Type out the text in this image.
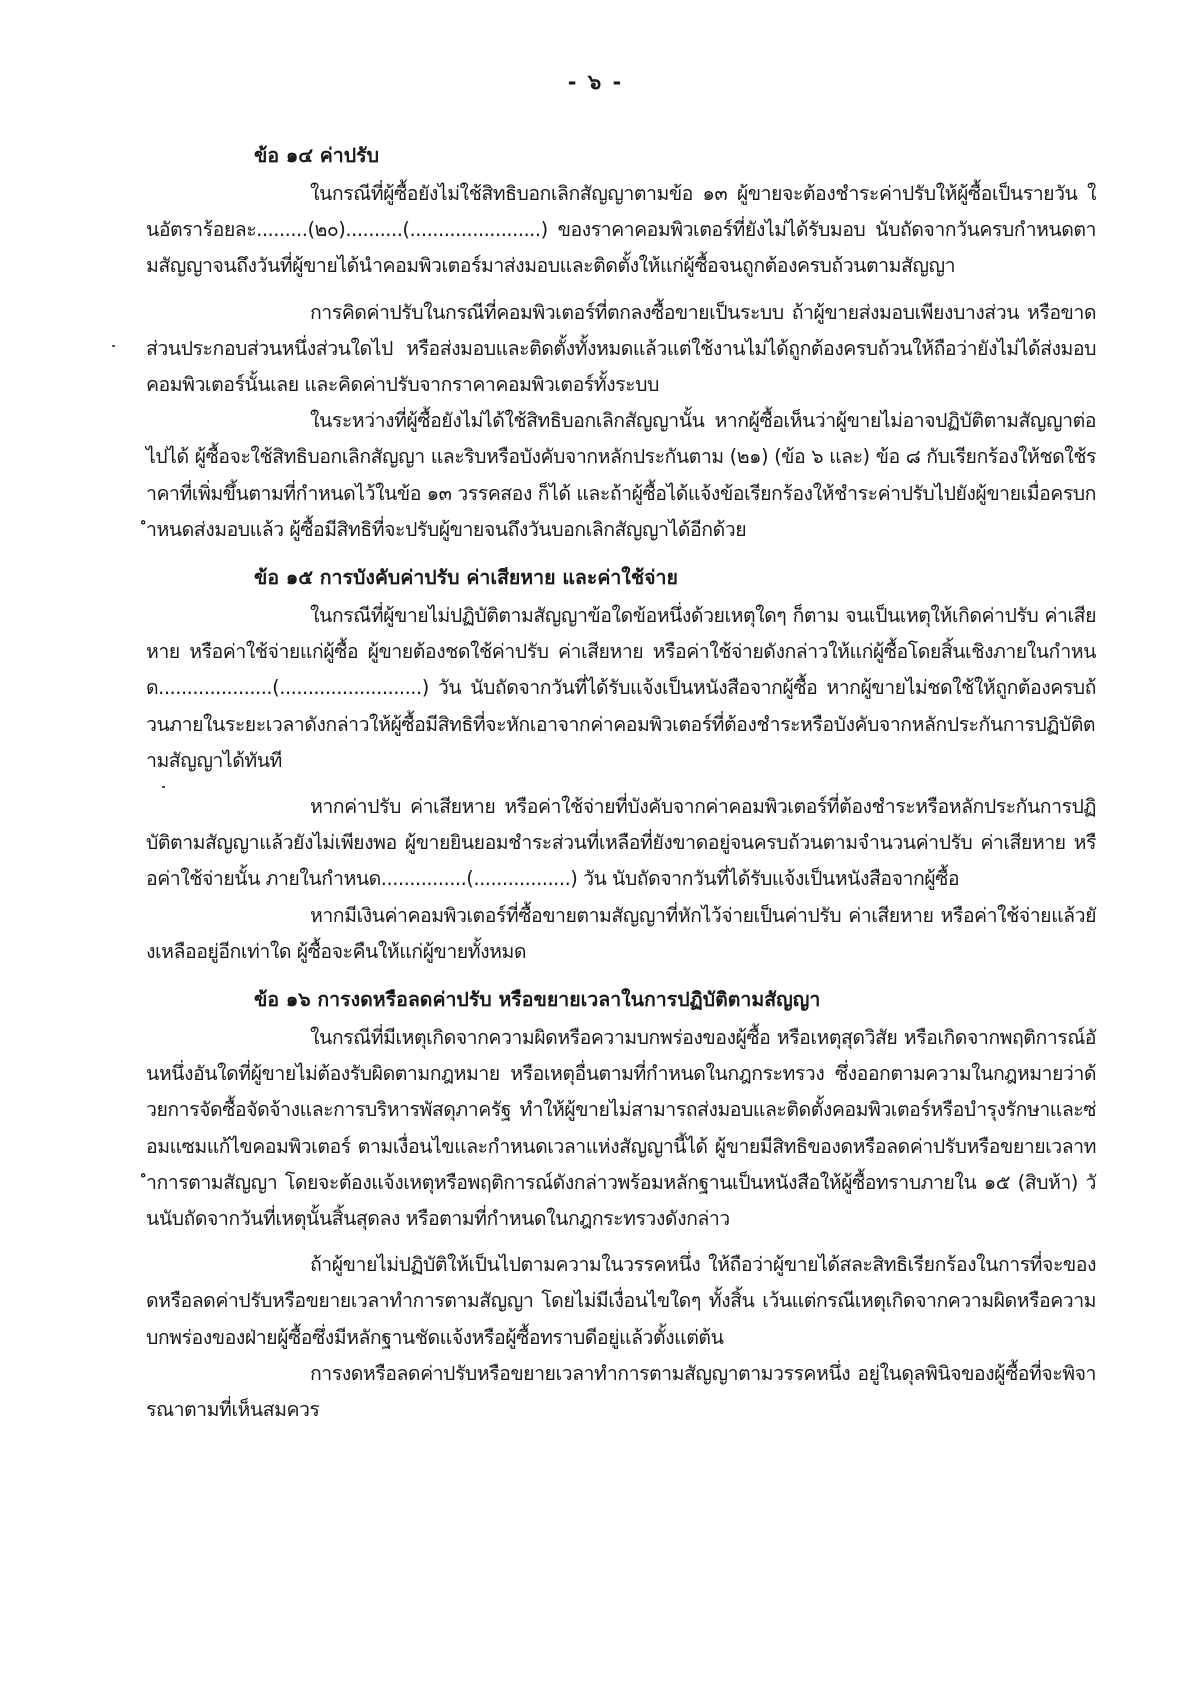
- ๖ -
ข้อ ๑๔ ค่าปรับ

ในกรณีที่ผู้ซื้อยังไม่ใช้สิทธิบอกเลิกสัญญาตามข้อ ๑๓ ผู้ขายจะต้องชำระค่าปรับให้ผู้ซื้อเป็นรายวัน ในอัตราร้อยละ.........(๒๐)..........(.......................) ของราคาคอมพิวเตอร์ที่ยังไม่ได้รับมอบ นับถัดจากวันครบกำหนดตามสัญญาจนถึงวันที่ผู้ขายได้นำคอมพิวเตอร์มาส่งมอบและติดตั้งให้แก่ผู้ซื้อจนถูกต้องครบถ้วนตามสัญญา

การคิดค่าปรับในกรณีที่คอมพิวเตอร์ที่ตกลงซื้อขายเป็นระบบ ถ้าผู้ขายส่งมอบเพียงบางส่วน หรือขาดส่วนประกอบส่วนหนึ่งส่วนใดไป หรือส่งมอบและติดตั้งทั้งหมดแล้วแต่ใช้งานไม่ได้ถูกต้องครบถ้วนให้ถือว่ายังไม่ได้ส่งมอบคอมพิวเตอร์นั้นเลย และคิดค่าปรับจากราคาคอมพิวเตอร์ทั้งระบบ

ในระหว่างที่ผู้ซื้อยังไม่ได้ใช้สิทธิบอกเลิกสัญญานั้น หากผู้ซื้อเห็นว่าผู้ขายไม่อาจปฏิบัติตามสัญญาต่อไปได้ ผู้ซื้อจะใช้สิทธิบอกเลิกสัญญา และริบหรือบังคับจากหลักประกันตาม (๒๑) (ข้อ ๖ และ) ข้อ ๘ กับเรียกร้องให้ชดใช้ราคาที่เพิ่มขึ้นตามที่กำหนดไว้ในข้อ ๑๓ วรรคสอง ก็ได้ และถ้าผู้ซื้อได้แจ้งข้อเรียกร้องให้ชำระค่าปรับไปยังผู้ขายเมื่อครบกำหนดส่งมอบแล้ว ผู้ซื้อมีสิทธิที่จะปรับผู้ขายจนถึงวันบอกเลิกสัญญาได้อีกด้วย

ข้อ ๑๕ การบังคับค่าปรับ ค่าเสียหาย และค่าใช้จ่าย

ในกรณีที่ผู้ขายไม่ปฏิบัติตามสัญญาข้อใดข้อหนึ่งด้วยเหตุใดๆ ก็ตาม จนเป็นเหตุให้เกิดค่าปรับ ค่าเสียหาย หรือค่าใช้จ่ายแก่ผู้ซื้อ ผู้ขายต้องชดใช้ค่าปรับ ค่าเสียหาย หรือค่าใช้จ่ายดังกล่าวให้แก่ผู้ซื้อโดยสิ้นเชิงภายในกำหนด....................(.........................) วัน นับถัดจากวันที่ได้รับแจ้งเป็นหนังสือจากผู้ซื้อ หากผู้ขายไม่ชดใช้ให้ถูกต้องครบถ้วนภายในระยะเวลาดังกล่าวให้ผู้ซื้อมีสิทธิที่จะหักเอาจากค่าคอมพิวเตอร์ที่ต้องชำระหรือบังคับจากหลักประกันการปฏิบัติตามสัญญาได้ทันที

หากค่าปรับ ค่าเสียหาย หรือค่าใช้จ่ายที่บังคับจากค่าคอมพิวเตอร์ที่ต้องชำระหรือหลักประกันการปฏิบัติตามสัญญาแล้วยังไม่เพียงพอ ผู้ขายยินยอมชำระส่วนที่เหลือที่ยังขาดอยู่จนครบถ้วนตามจำนวนค่าปรับ ค่าเสียหาย หรือค่าใช้จ่ายนั้น ภายในกำหนด...............(.................) วัน นับถัดจากวันที่ได้รับแจ้งเป็นหนังสือจากผู้ซื้อ

หากมีเงินค่าคอมพิวเตอร์ที่ซื้อขายตามสัญญาที่หักไว้จ่ายเป็นค่าปรับ ค่าเสียหาย หรือค่าใช้จ่ายแล้วยังเหลืออยู่อีกเท่าใด ผู้ซื้อจะคืนให้แก่ผู้ขายทั้งหมด

ข้อ ๑๖ การงดหรือลดค่าปรับ หรือขยายเวลาในการปฏิบัติตามสัญญา

ในกรณีที่มีเหตุเกิดจากความผิดหรือความบกพร่องของผู้ซื้อ หรือเหตุสุดวิสัย หรือเกิดจากพฤติการณ์อันหนึ่งอันใดที่ผู้ขายไม่ต้องรับผิดตามกฎหมาย หรือเหตุอื่นตามที่กำหนดในกฎกระทรวง ซึ่งออกตามความในกฎหมายว่าด้วยการจัดซื้อจัดจ้างและการบริหารพัสดุภาครัฐ ทำให้ผู้ขายไม่สามารถส่งมอบและติดตั้งคอมพิวเตอร์หรือบำรุงรักษาและซ่อมแซมแก้ไขคอมพิวเตอร์ ตามเงื่อนไขและกำหนดเวลาแห่งสัญญานี้ได้ ผู้ขายมีสิทธิของดหรือลดค่าปรับหรือขยายเวลาทำการตามสัญญา โดยจะต้องแจ้งเหตุหรือพฤติการณ์ดังกล่าวพร้อมหลักฐานเป็นหนังสือให้ผู้ซื้อทราบภายใน ๑๕ (สิบห้า) วันนับถัดจากวันที่เหตุนั้นสิ้นสุดลง หรือตามที่กำหนดในกฎกระทรวงดังกล่าว

ถ้าผู้ขายไม่ปฏิบัติให้เป็นไปตามความในวรรคหนึ่ง ให้ถือว่าผู้ขายได้สละสิทธิเรียกร้องในการที่จะของดหรือลดค่าปรับหรือขยายเวลาทำการตามสัญญา โดยไม่มีเงื่อนไขใดๆ ทั้งสิ้น เว้นแต่กรณีเหตุเกิดจากความผิดหรือความบกพร่องของฝ่ายผู้ซื้อซึ่งมีหลักฐานชัดแจ้งหรือผู้ซื้อทราบดีอยู่แล้วตั้งแต่ต้น

การงดหรือลดค่าปรับหรือขยายเวลาทำการตามสัญญาตามวรรคหนึ่ง อยู่ในดุลพินิจของผู้ซื้อที่จะพิจารณาตามที่เห็นสมควร
